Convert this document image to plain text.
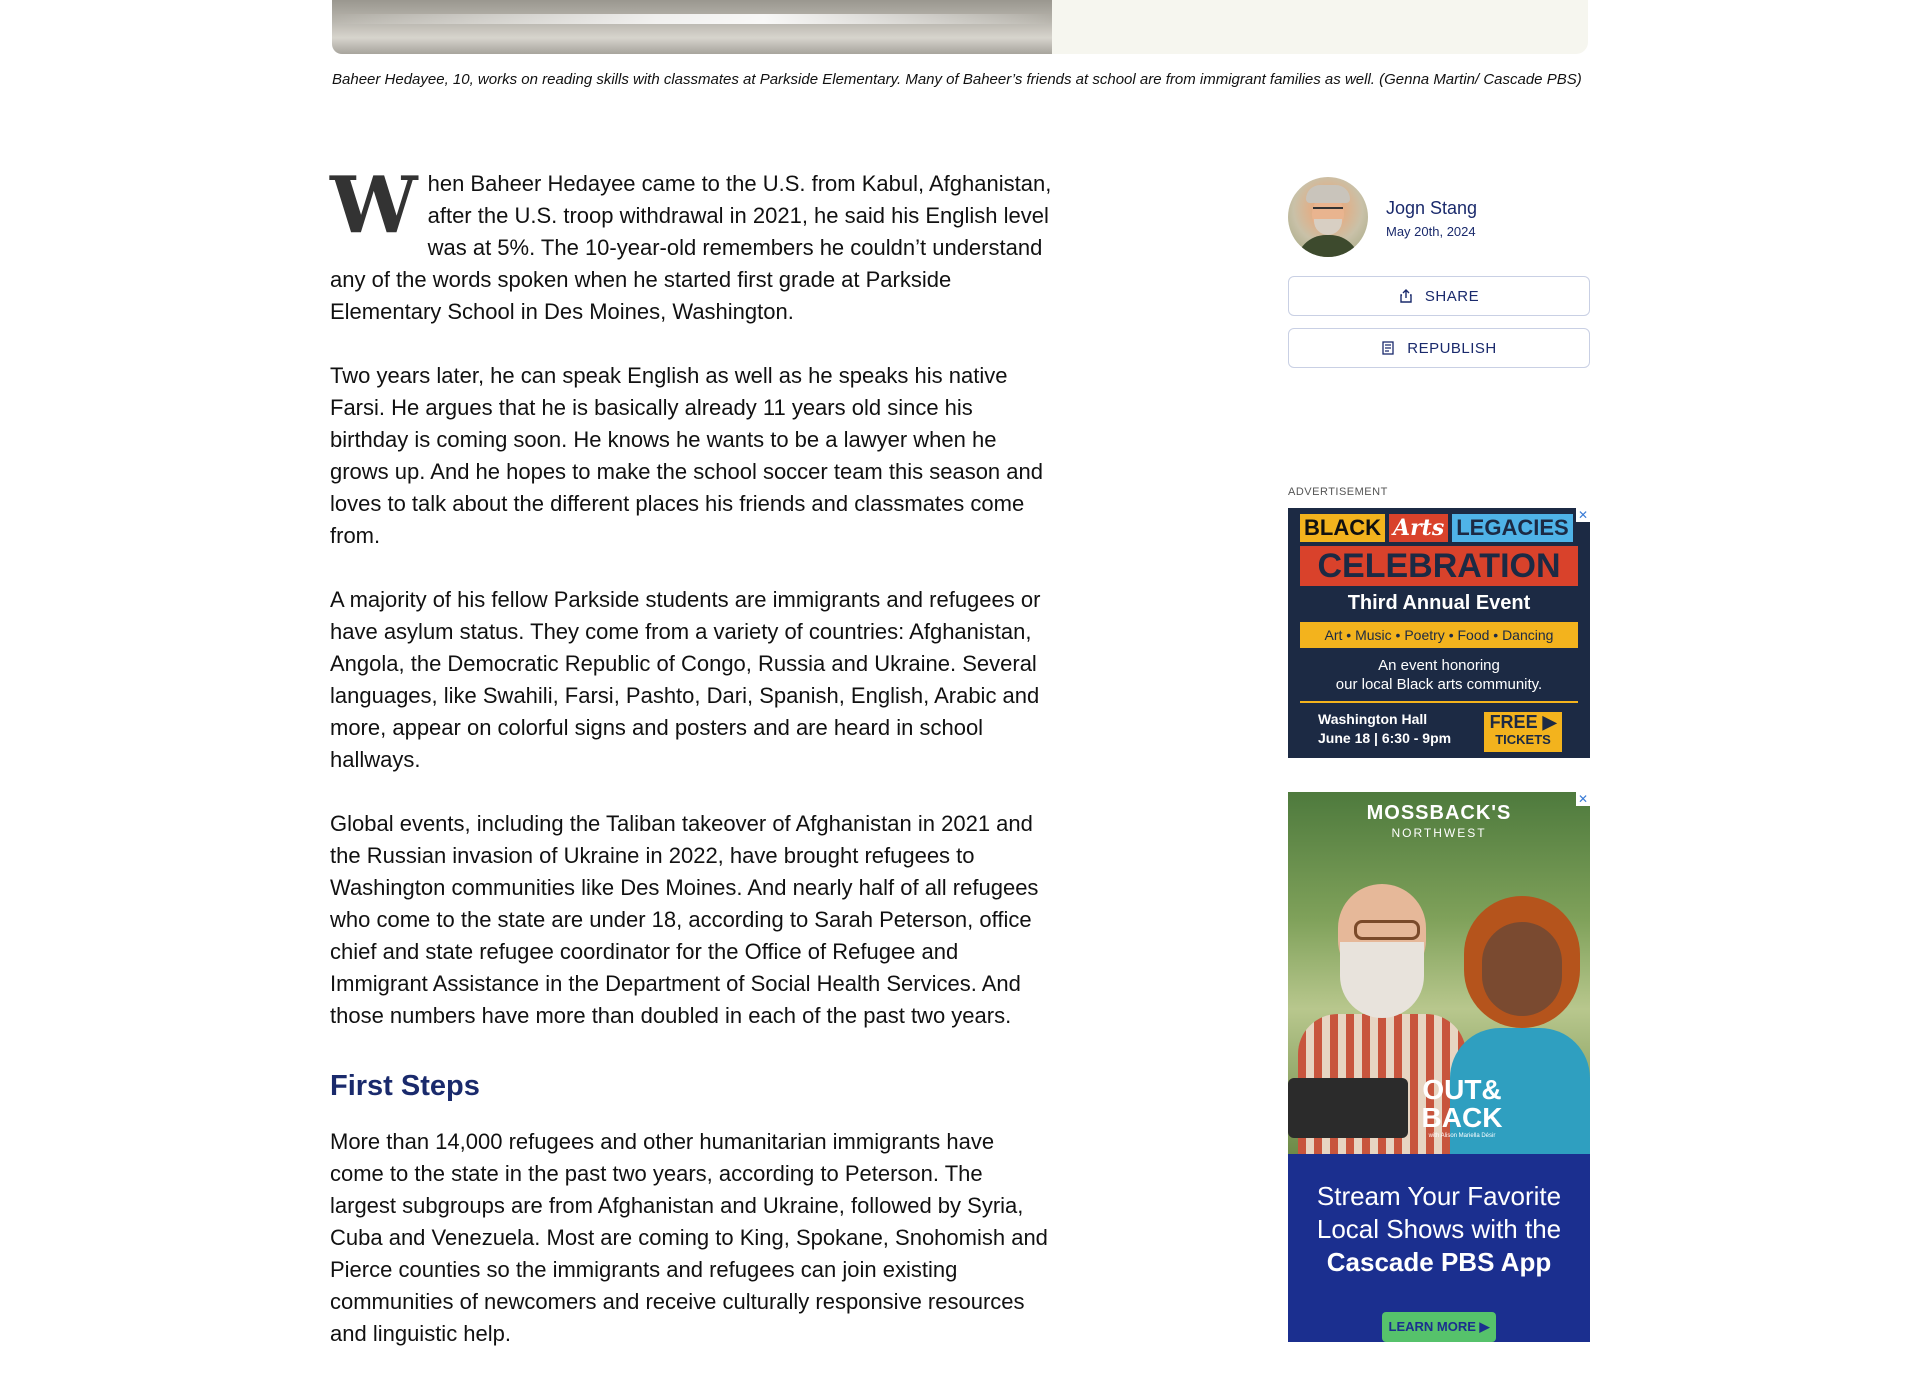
Baheer Hedayee, 10, works on reading skills with classmates at Parkside Elementary. Many of Baheer’s friends at school are from immigrant families as well. (Genna Martin/ Cascade PBS)

When Baheer Hedayee came to the U.S. from Kabul, Afghanistan, after the U.S. troop withdrawal in 2021, he said his English level was at 5%. The 10-year-old remembers he couldn’t understand any of the words spoken when he started first grade at Parkside Elementary School in Des Moines, Washington.

Two years later, he can speak English as well as he speaks his native Farsi. He argues that he is basically already 11 years old since his birthday is coming soon. He knows he wants to be a lawyer when he grows up. And he hopes to make the school soccer team this season and loves to talk about the different places his friends and classmates come from.

A majority of his fellow Parkside students are immigrants and refugees or have asylum status. They come from a variety of countries: Afghanistan, Angola, the Democratic Republic of Congo, Russia and Ukraine. Several languages, like Swahili, Farsi, Pashto, Dari, Spanish, English, Arabic and more, appear on colorful signs and posters and are heard in school hallways.

Global events, including the Taliban takeover of Afghanistan in 2021 and the Russian invasion of Ukraine in 2022, have brought refugees to Washington communities like Des Moines. And nearly half of all refugees who come to the state are under 18, according to Sarah Peterson, office chief and state refugee coordinator for the Office of Refugee and Immigrant Assistance in the Department of Social Health Services. And those numbers have more than doubled in each of the past two years.

First Steps

More than 14,000 refugees and other humanitarian immigrants have come to the state in the past two years, according to Peterson. The largest subgroups are from Afghanistan and Ukraine, followed by Syria, Cuba and Venezuela. Most are coming to King, Spokane, Snohomish and Pierce counties so the immigrants and refugees can join existing communities of newcomers and receive culturally responsive resources and linguistic help.

Jogn Stang
May 20th, 2024
SHARE
REPUBLISH
ADVERTISEMENT
BLACK Arts LEGACIES
CELEBRATION
Third Annual Event
Art • Music • Poetry • Food • Dancing
An event honoring
our local Black arts community.
Washington Hall
June 18 | 6:30 - 9pm
FREE ▶
TICKETS
✕
MOSSBACK'S
NORTHWEST
OUT&
BACK
with Alison Mariella Désir
Stream Your Favorite
Local Shows with the
Cascade PBS App
LEARN MORE ▶
✕
